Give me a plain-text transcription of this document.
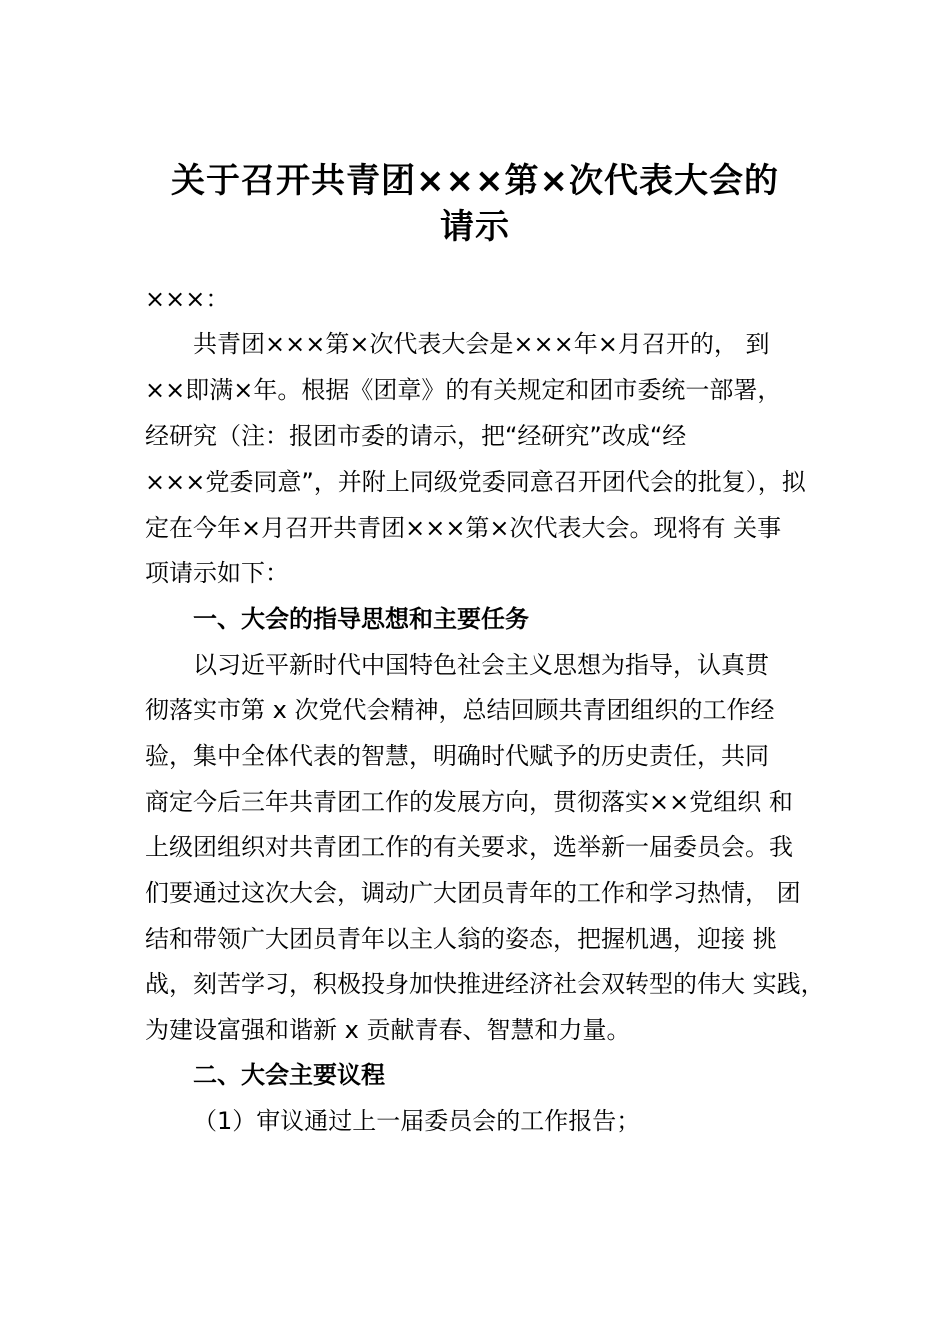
关于召开共青团×××第×次代表大会的
请示
×××：
共青团×××第×次代表大会是×××年×月召开的， 到
××即满×年。根据《团章》的有关规定和团市委统一部署，
经研究（注：报团市委的请示，把“经研究”改成“经
×××党委同意”，并附上同级党委同意召开团代会的批复），拟
定在今年×月召开共青团×××第×次代表大会。现将有 关事
项请示如下：
一、大会的指导思想和主要任务
以习近平新时代中国特色社会主义思想为指导，认真贯
彻落实市第 x 次党代会精神，总结回顾共青团组织的工作经
验，集中全体代表的智慧，明确时代赋予的历史责任，共同
商定今后三年共青团工作的发展方向，贯彻落实××党组织 和
上级团组织对共青团工作的有关要求，选举新一届委员会。我
们要通过这次大会，调动广大团员青年的工作和学习热情， 团
结和带领广大团员青年以主人翁的姿态，把握机遇，迎接 挑
战，刻苦学习，积极投身加快推进经济社会双转型的伟大 实践，
为建设富强和谐新 x 贡献青春、智慧和力量。
二、大会主要议程
（1）审议通过上一届委员会的工作报告；
